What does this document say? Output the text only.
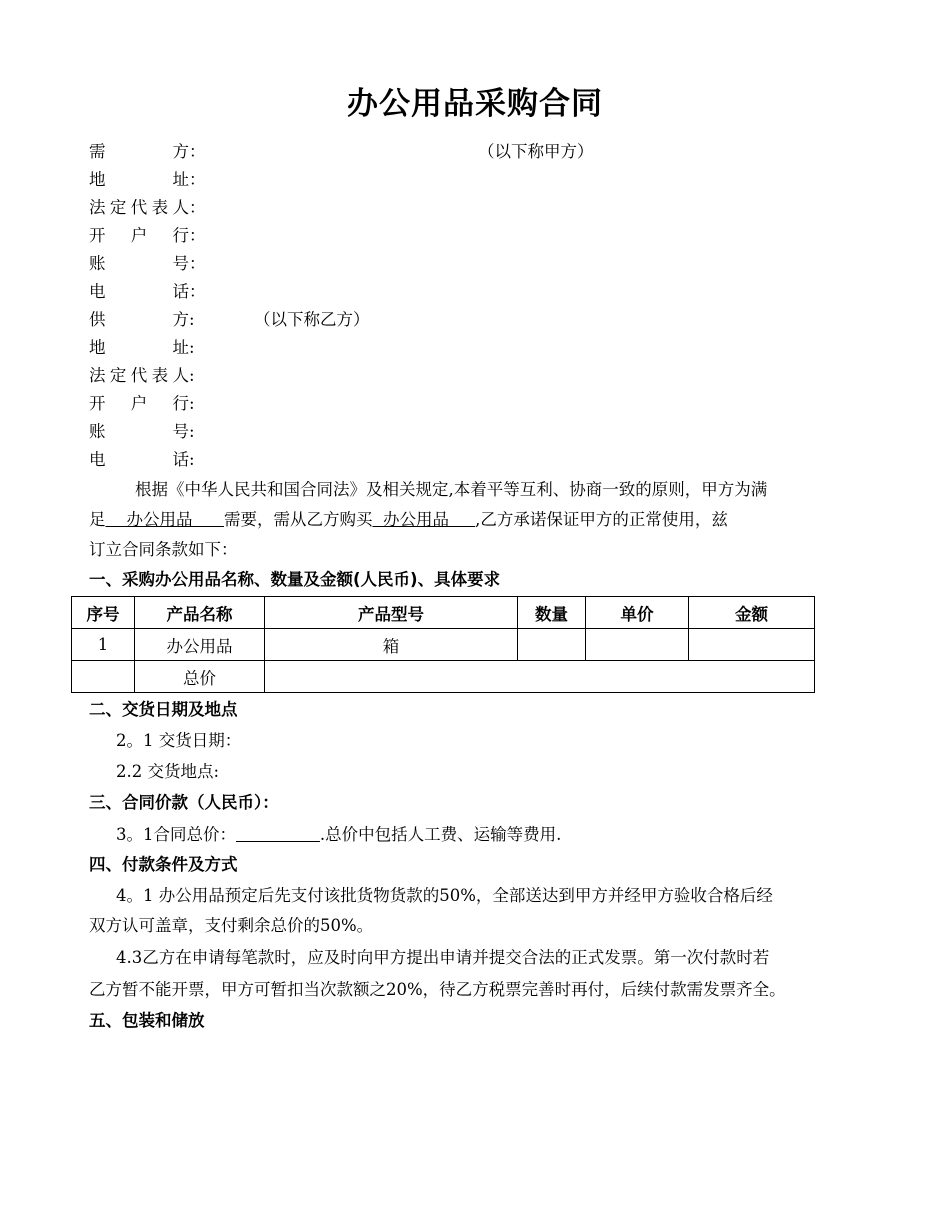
办公用品采购合同
需方：	（以下称甲方）
地址：
法定代表人：
开户行：
账号：
电话：
供方:	（以下称乙方）
地址:
法定代表人:
开户行:
账号:
电话:
根据《中华人民共和国合同法》及相关规定,本着平等互利、协商一致的原则，甲方为满
足    办公用品      需要，需从乙方购买  办公用品     ,乙方承诺保证甲方的正常使用，兹
订立合同条款如下：
一、采购办公用品名称、数量及金额(人民币)、具体要求
序号	产品名称	产品型号	数量	单价	金额
1	办公用品	箱			
	总价				
二、交货日期及地点
2。1 交货日期：
2.2 交货地点:
三、合同价款（人民币）：
3。1合同总价：	.总价中包括人工费、运输等费用.
四、付款条件及方式
4。1 办公用品预定后先支付该批货物货款的50%，全部送达到甲方并经甲方验收合格后经
双方认可盖章，支付剩余总价的50%。
4.3乙方在申请每笔款时，应及时向甲方提出申请并提交合法的正式发票。第一次付款时若
乙方暂不能开票，甲方可暂扣当次款额之20%，待乙方税票完善时再付，后续付款需发票齐全。
五、包装和储放
